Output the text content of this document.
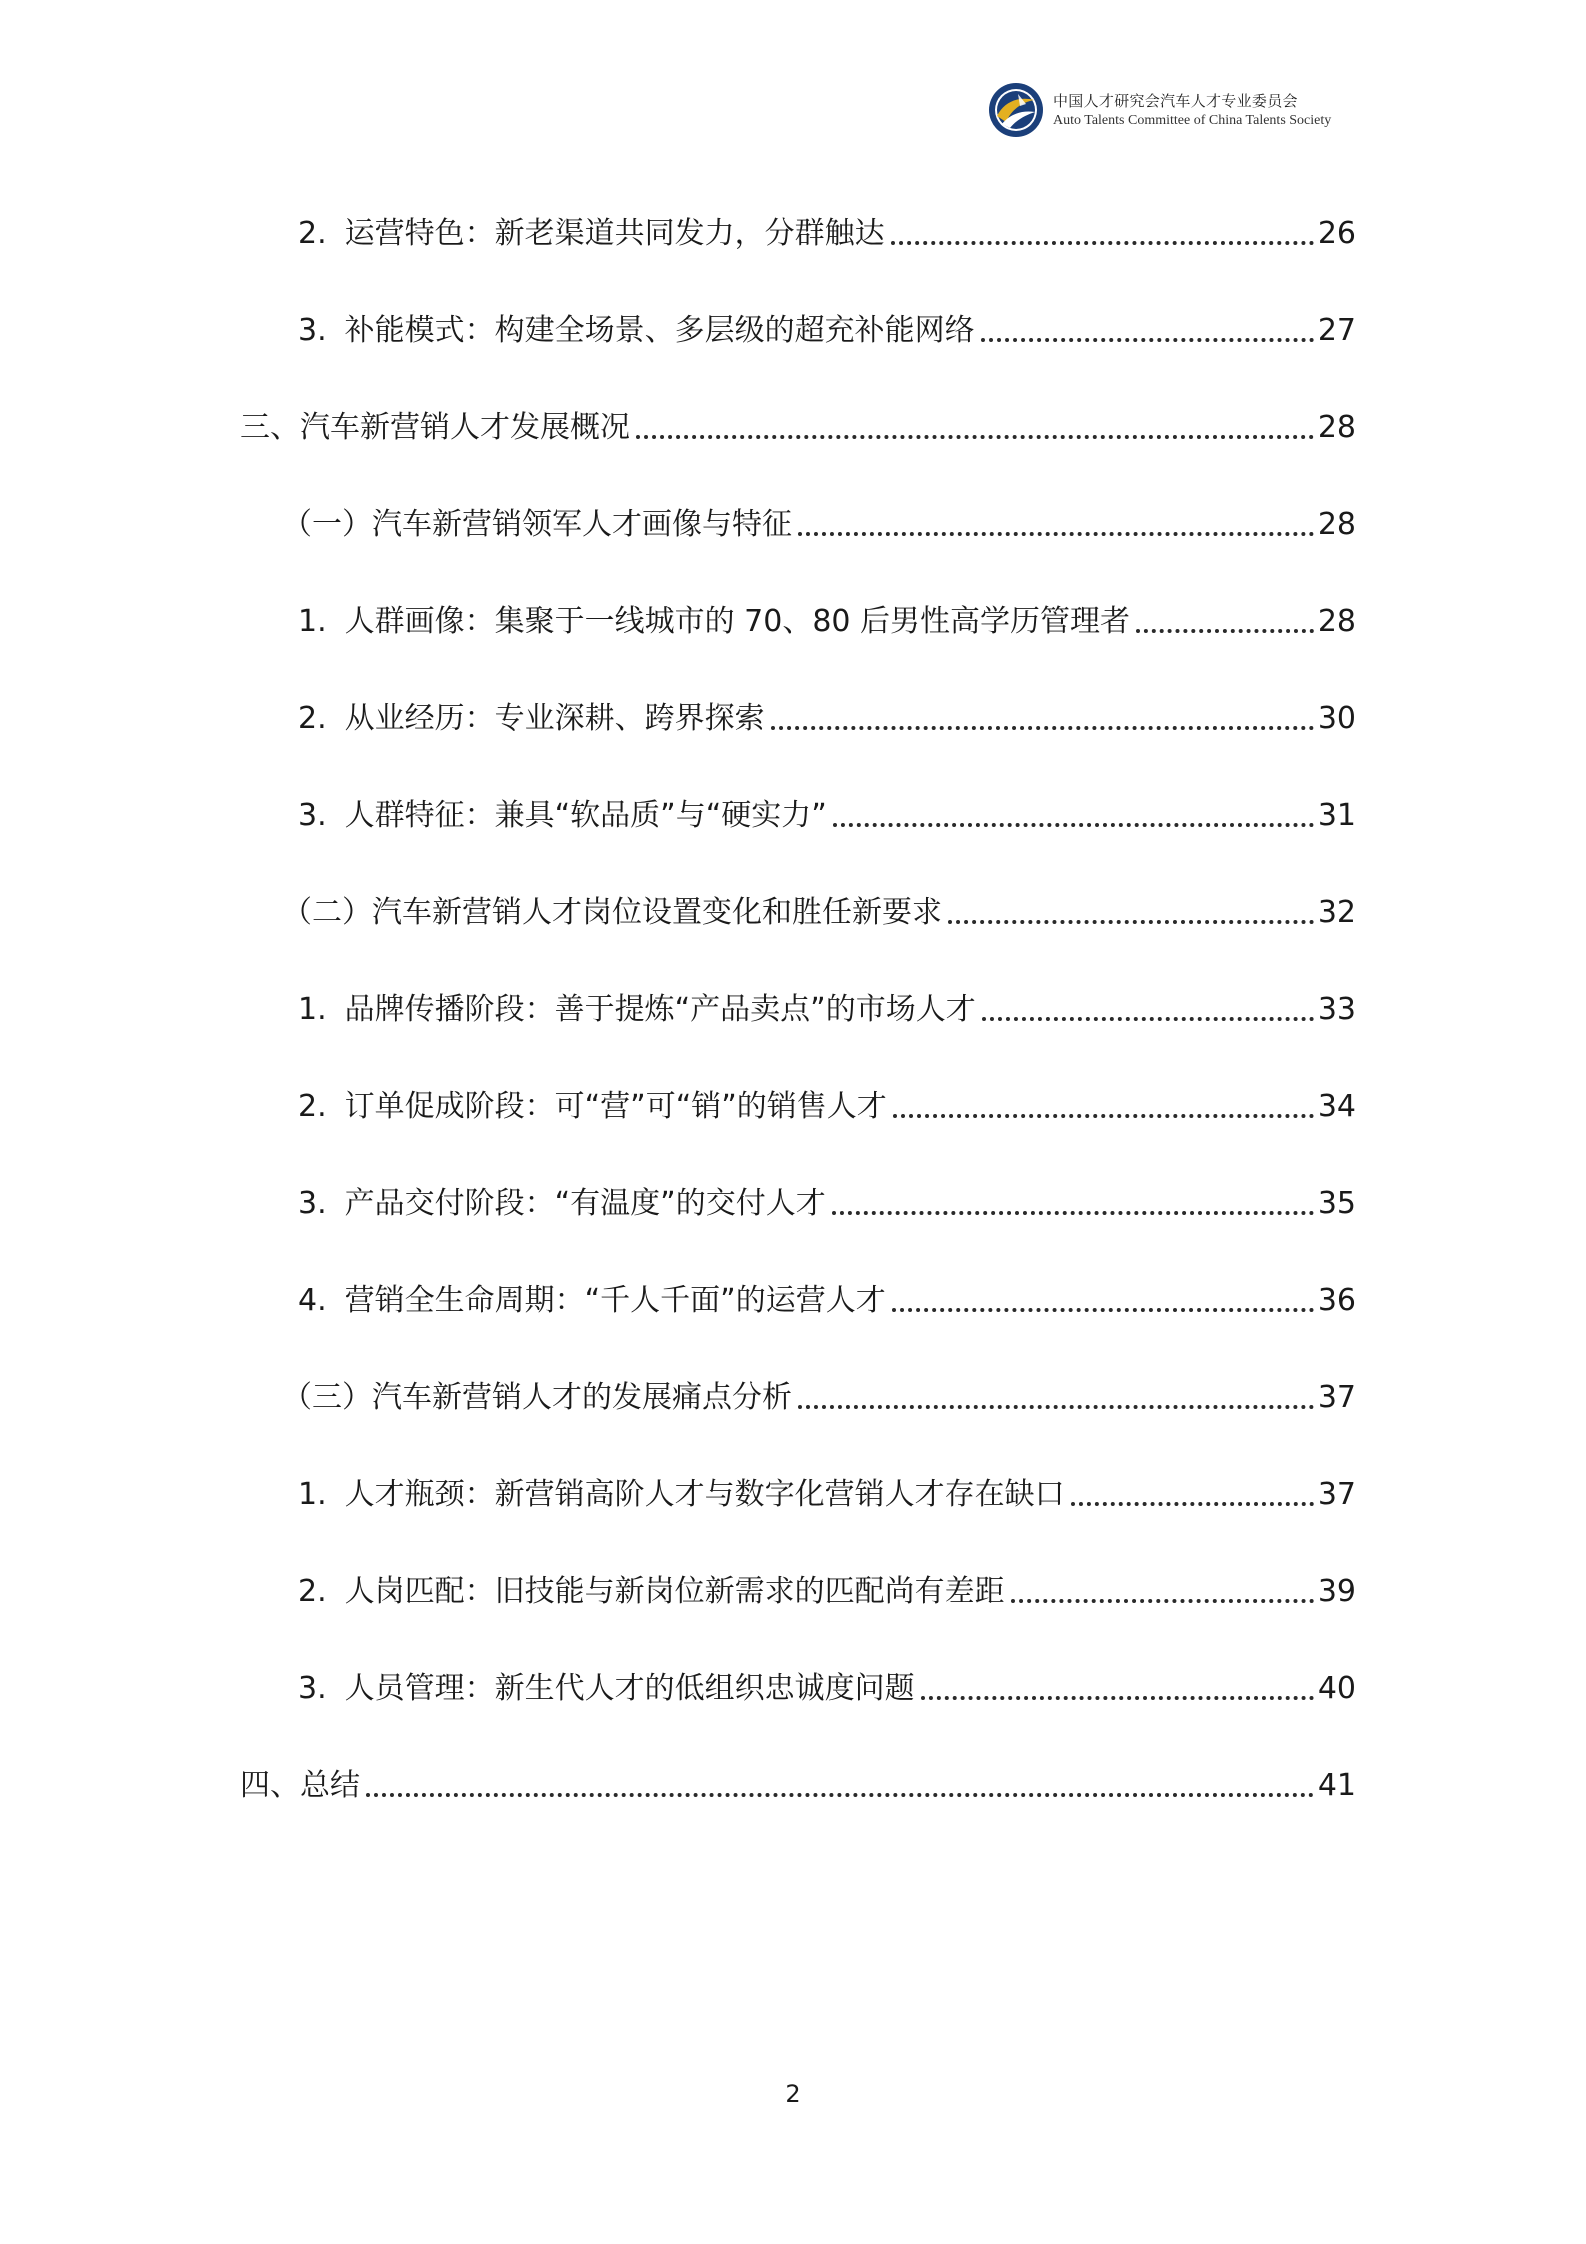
中国人才研究会汽车人才专业委员会
Auto Talents Committee of China Talents Society
2. 运营特色：新老渠道共同发力，分群触达	26
3. 补能模式：构建全场景、多层级的超充补能网络	27
三、汽车新营销人才发展概况	28
（一）汽车新营销领军人才画像与特征	28
1. 人群画像：集聚于一线城市的 70、80 后男性高学历管理者	28
2. 从业经历：专业深耕、跨界探索	30
3. 人群特征：兼具“软品质”与“硬实力”	31
（二）汽车新营销人才岗位设置变化和胜任新要求	32
1. 品牌传播阶段：善于提炼“产品卖点”的市场人才	33
2. 订单促成阶段：可“营”可“销”的销售人才	34
3. 产品交付阶段：“有温度”的交付人才	35
4. 营销全生命周期：“千人千面”的运营人才	36
（三）汽车新营销人才的发展痛点分析	37
1. 人才瓶颈：新营销高阶人才与数字化营销人才存在缺口	37
2. 人岗匹配：旧技能与新岗位新需求的匹配尚有差距	39
3. 人员管理：新生代人才的低组织忠诚度问题	40
四、总结	41
2
